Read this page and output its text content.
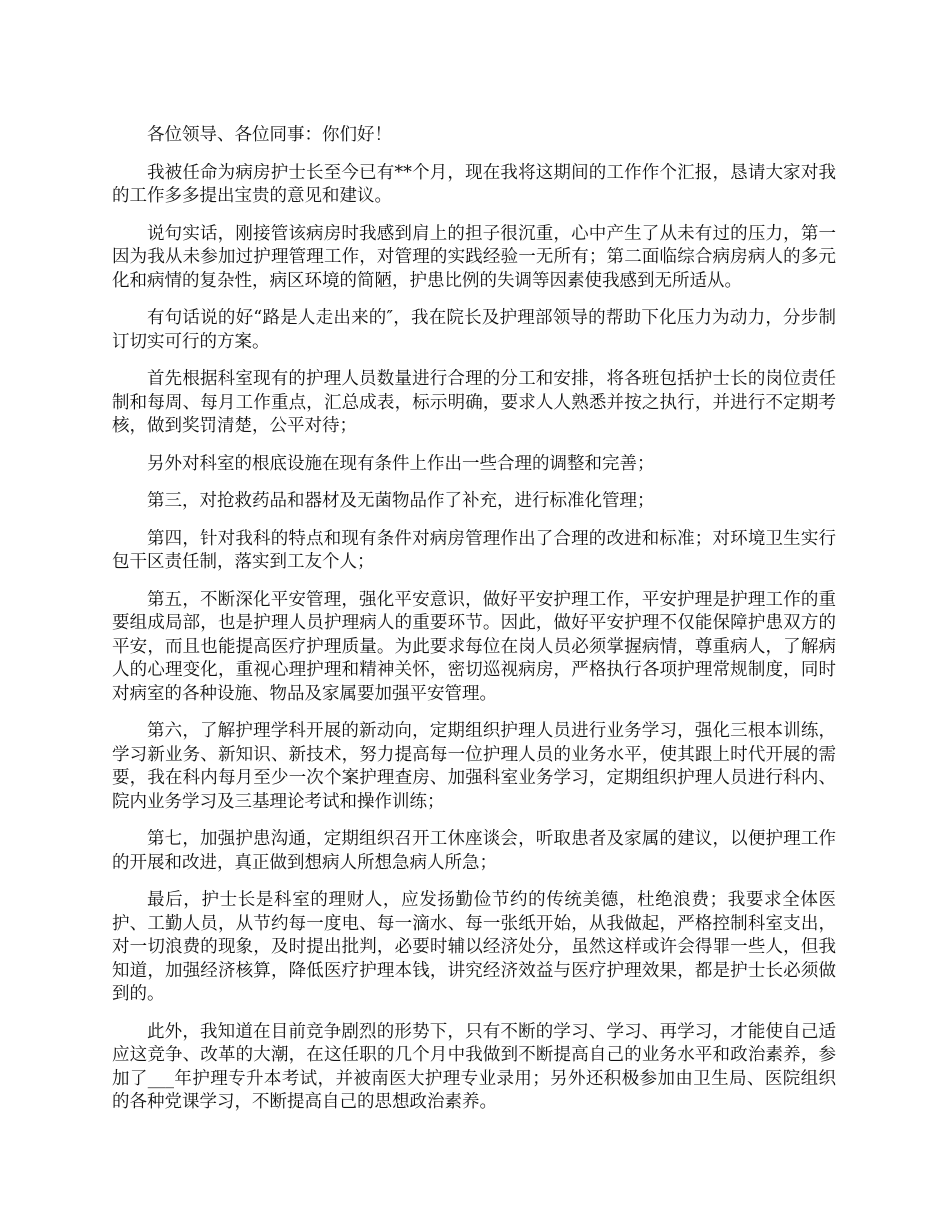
各位领导、各位同事：你们好！

我被任命为病房护士长至今已有**个月，现在我将这期间的工作作个汇报，恳请大家对我的工作多多提出宝贵的意见和建议。

说句实话，刚接管该病房时我感到肩上的担子很沉重，心中产生了从未有过的压力，第一因为我从未参加过护理管理工作，对管理的实践经验一无所有；第二面临综合病房病人的多元化和病情的复杂性，病区环境的简陋，护患比例的失调等因素使我感到无所适从。

有句话说的好“路是人走出来的″，我在院长及护理部领导的帮助下化压力为动力，分步制订切实可行的方案。

首先根据科室现有的护理人员数量进行合理的分工和安排，将各班包括护士长的岗位责任制和每周、每月工作重点，汇总成表，标示明确，要求人人熟悉并按之执行，并进行不定期考核，做到奖罚清楚，公平对待；

另外对科室的根底设施在现有条件上作出一些合理的调整和完善；

第三，对抢救药品和器材及无菌物品作了补充，进行标准化管理；

第四，针对我科的特点和现有条件对病房管理作出了合理的改进和标准；对环境卫生实行包干区责任制，落实到工友个人；

第五，不断深化平安管理，强化平安意识，做好平安护理工作，平安护理是护理工作的重要组成局部，也是护理人员护理病人的重要环节。因此，做好平安护理不仅能保障护患双方的平安，而且也能提高医疗护理质量。为此要求每位在岗人员必须掌握病情，尊重病人，了解病人的心理变化，重视心理护理和精神关怀，密切巡视病房，严格执行各项护理常规制度，同时对病室的各种设施、物品及家属要加强平安管理。

第六，了解护理学科开展的新动向，定期组织护理人员进行业务学习，强化三根本训练，学习新业务、新知识、新技术，努力提高每一位护理人员的业务水平，使其跟上时代开展的需要，我在科内每月至少一次个案护理查房、加强科室业务学习，定期组织护理人员进行科内、院内业务学习及三基理论考试和操作训练；

第七，加强护患沟通，定期组织召开工休座谈会，听取患者及家属的建议，以便护理工作的开展和改进，真正做到想病人所想急病人所急；

最后，护士长是科室的理财人，应发扬勤俭节约的传统美德，杜绝浪费；我要求全体医护、工勤人员，从节约每一度电、每一滴水、每一张纸开始，从我做起，严格控制科室支出，对一切浪费的现象，及时提出批判，必要时辅以经济处分，虽然这样或许会得罪一些人，但我知道，加强经济核算，降低医疗护理本钱，讲究经济效益与医疗护理效果，都是护士长必须做到的。

此外，我知道在目前竞争剧烈的形势下，只有不断的学习、学习、再学习，才能使自己适应这竞争、改革的大潮，在这任职的几个月中我做到不断提高自己的业务水平和政治素养，参加了___年护理专升本考试，并被南医大护理专业录用；另外还积极参加由卫生局、医院组织的各种党课学习，不断提高自己的思想政治素养。
